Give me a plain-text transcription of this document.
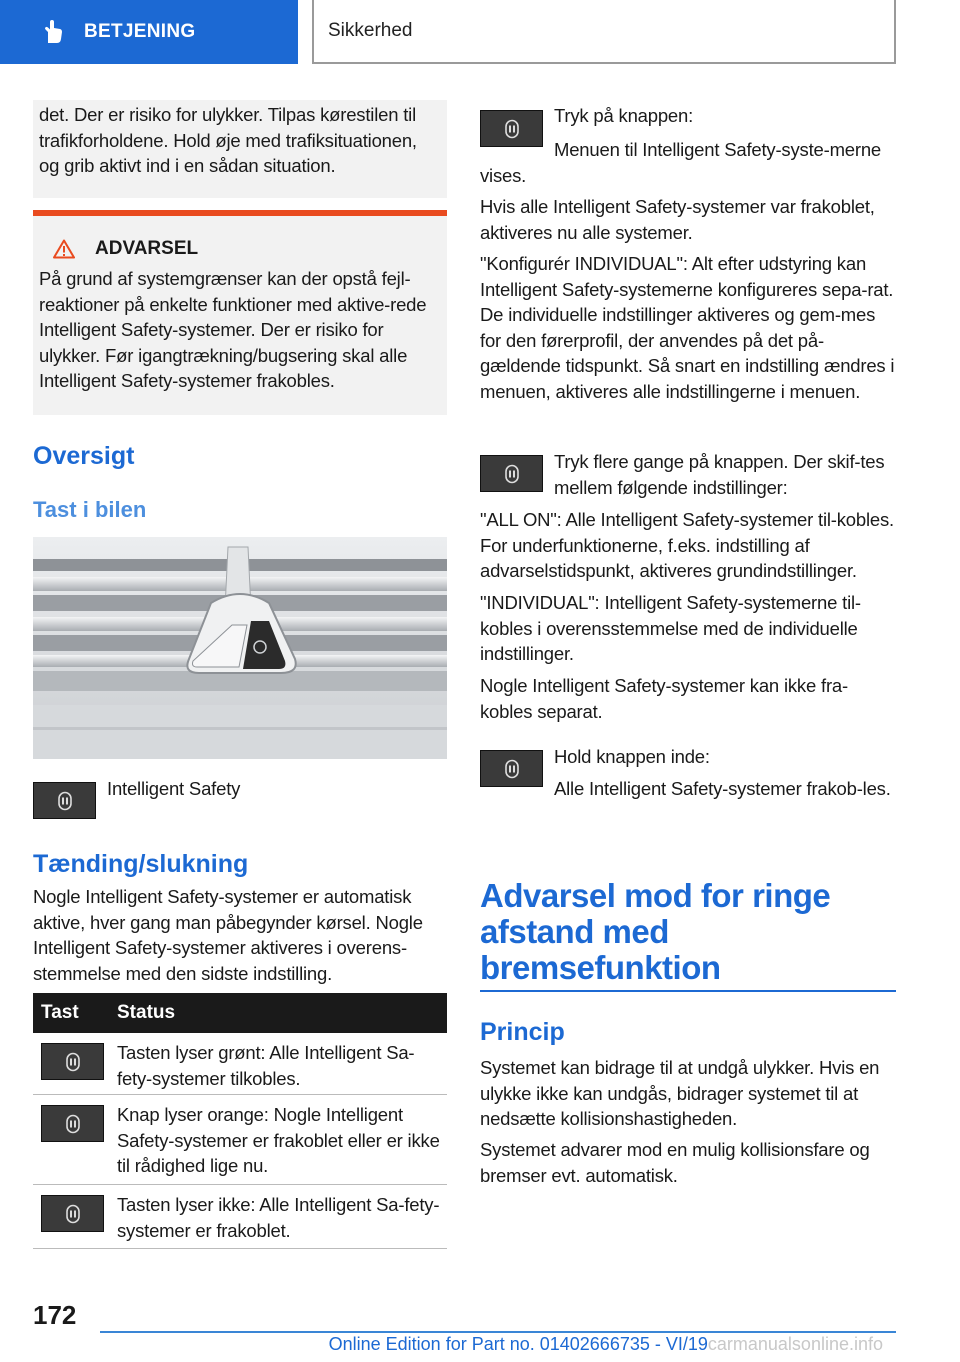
BETJENING	Sikkerhed

det. Der er risiko for ulykker. Tilpas kørestilen til trafikforholdene. Hold øje med trafiksituationen, og grib aktivt ind i en sådan situation.

ADVARSEL

På grund af systemgrænser kan der opstå fejl-reaktioner på enkelte funktioner med aktive-rede Intelligent Safety-systemer. Der er risiko for ulykker. Før igangtrækning/bugsering skal alle Intelligent Safety-systemer frakobles.

Oversigt
Tast i bilen

Intelligent Safety

Tænding/slukning

Nogle Intelligent Safety-systemer er automatisk aktive, hver gang man påbegynder kørsel. Nogle Intelligent Safety-systemer aktiveres i overens-stemmelse med den sidste indstilling.

Tast	Status
Tasten lyser grønt: Alle Intelligent Sa-fety-systemer tilkobles.
Knap lyser orange: Nogle Intelligent Safety-systemer er frakoblet eller er ikke til rådighed lige nu.
Tasten lyser ikke: Alle Intelligent Sa-fety-systemer er frakoblet.

Tryk på knappen:

Menuen til Intelligent Safety-syste-merne vises.

Hvis alle Intelligent Safety-systemer var frakoblet, aktiveres nu alle systemer.

"Konfigurér INDIVIDUAL": Alt efter udstyring kan Intelligent Safety-systemerne konfigureres sepa-rat. De individuelle indstillinger aktiveres og gem-mes for den førerprofil, der anvendes på det på-gældende tidspunkt. Så snart en indstilling ændres i menuen, aktiveres alle indstillingerne i menuen.

Tryk flere gange på knappen. Der skif-tes mellem følgende indstillinger:

"ALL ON": Alle Intelligent Safety-systemer til-kobles. For underfunktionerne, f.eks. indstilling af advarselstidspunkt, aktiveres grundindstillinger.

"INDIVIDUAL": Intelligent Safety-systemerne til-kobles i overensstemmelse med de individuelle indstillinger.

Nogle Intelligent Safety-systemer kan ikke fra-kobles separat.

Hold knappen inde:

Alle Intelligent Safety-systemer frakob-les.

Advarsel mod for ringe afstand med bremsefunktion
Princip

Systemet kan bidrage til at undgå ulykker. Hvis en ulykke ikke kan undgås, bidrager systemet til at nedsætte kollisionshastigheden.

Systemet advarer mod en mulig kollisionsfare og bremser evt. automatisk.

172
Online Edition for Part no. 01402666735 - VI/19carmanualsonline.info
